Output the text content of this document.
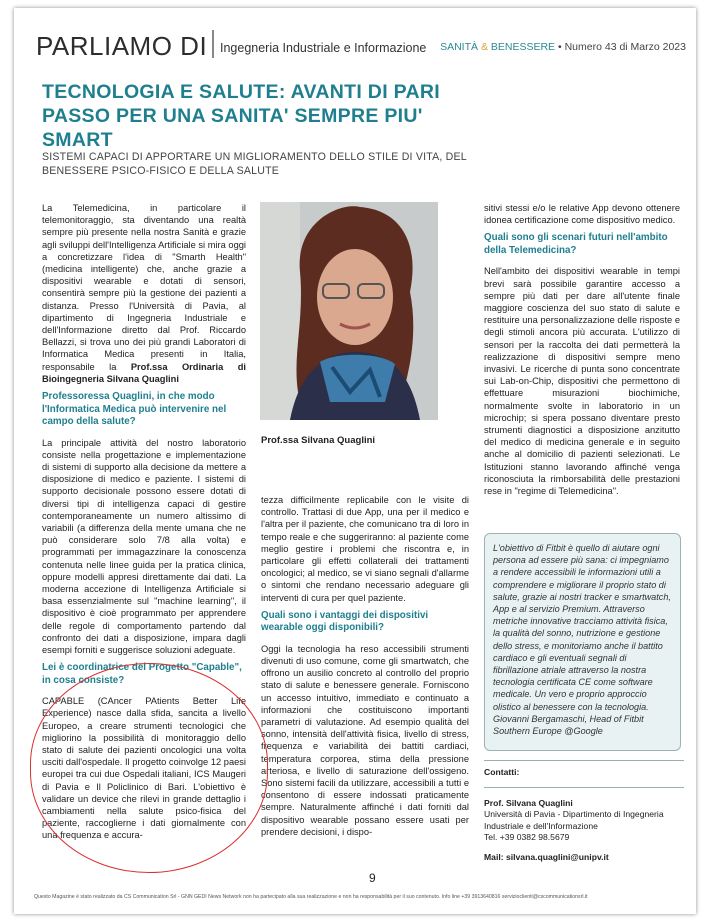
PARLIAMO DI Ingegneria Industriale e Informazione SANITÀ & BENESSERE • Numero 43 di Marzo 2023
TECNOLOGIA E SALUTE: AVANTI DI PARI PASSO PER UNA SANITA' SEMPRE PIU' SMART
SISTEMI CAPACI DI APPORTARE UN MIGLIORAMENTO DELLO STILE DI VITA, DEL BENESSERE PSICO-FISICO E DELLA SALUTE

La Telemedicina, in particolare il telemonitoraggio, sta diventando una realtà sempre più presente nella nostra Sanità e grazie agli sviluppi dell'Intelligenza Artificiale si mira oggi a concretizzare l'idea di "Smarth Health" (medicina intelligente) che, anche grazie a dispositivi wearable e dotati di sensori, consentirà sempre più la gestione dei pazienti a distanza. Presso l'Università di Pavia, al dipartimento di Ingegneria Industriale e dell'Informazione diretto dal Prof. Riccardo Bellazzi, si trova uno dei più grandi Laboratori di Informatica Medica presenti in Italia, responsabile la Prof.ssa Ordinaria di Bioingegneria Silvana Quaglini

Professoressa Quaglini, in che modo l'Informatica Medica può intervenire nel campo della salute?

La principale attività del nostro laboratorio consiste nella progettazione e implementazione di sistemi di supporto alla decisione da mettere a disposizione di medico e paziente. I sistemi di supporto decisionale possono essere dotati di diversi tipi di intelligenza capaci di gestire contemporaneamente un numero altissimo di variabili (a differenza della mente umana che ne può considerare solo 7/8 alla volta) e programmati per immagazzinare la conoscenza contenuta nelle linee guida per la pratica clinica, oppure modelli appresi direttamente dai dati. La moderna accezione di Intelligenza Artificiale si basa essenzialmente sul "machine learning", il dispositivo è cioè programmato per apprendere delle regole di comportamento partendo dal confronto dei dati a disposizione, impara dagli esempi forniti e suggerisce soluzioni adeguate.

Lei è coordinatrice del Progetto "Capable", in cosa consiste?

CAPABLE (CAncer PAtients Better Life Experience) nasce dalla sfida, sancita a livello Europeo, a creare strumenti tecnologici che migliorino la possibilità di monitoraggio dello stato di salute dei pazienti oncologici una volta usciti dall'ospedale. Il progetto coinvolge 12 paesi europei tra cui due Ospedali italiani, ICS Maugeri di Pavia e Il Policlinico di Bari. L'obiettivo è validare un device che rilevi in grande dettaglio i cambiamenti nella salute psico-fisica del paziente, raccoglierne i dati giornalmente con una frequenza e accura-

Prof.ssa Silvana Quaglini

tezza difficilmente replicabile con le visite di controllo. Trattasi di due App, una per il medico e l'altra per il paziente, che comunicano tra di loro in tempo reale e che suggeriranno: al paziente come meglio gestire i problemi che riscontra e, in particolare gli effetti collaterali dei trattamenti oncologici; al medico, se vi siano segnali d'allarme o sintomi che rendano necessario adeguare gli interventi di cura per quel paziente.

Quali sono i vantaggi dei dispositivi wearable oggi disponibili?

Oggi la tecnologia ha reso accessibili strumenti divenuti di uso comune, come gli smartwatch, che offrono un ausilio concreto al controllo del proprio stato di salute e benessere generale. Forniscono un accesso intuitivo, immediato e continuato a informazioni che costituiscono importanti parametri di valutazione. Ad esempio qualità del sonno, intensità dell'attività fisica, livello di stress, frequenza e variabilità dei battiti cardiaci, temperatura corporea, stima della pressione arteriosa, e livello di saturazione dell'ossigeno. Sono sistemi facili da utilizzare, accessibili a tutti e consentono di essere indossati praticamente sempre. Naturalmente affinché i dati forniti dal dispositivo wearable possano essere usati per prendere decisioni, i dispo-

sitivi stessi e/o le relative App devono ottenere idonea certificazione come dispositivo medico.

Quali sono gli scenari futuri nell'ambito della Telemedicina?

Nell'ambito dei dispositivi wearable in tempi brevi sarà possibile garantire accesso a sempre più dati per dare all'utente finale maggiore coscienza del suo stato di salute e restituire una personalizzazione delle risposte e degli stimoli ancora più accurata. L'utilizzo di sensori per la raccolta dei dati permetterà la realizzazione di dispositivi sempre meno invasivi. Le ricerche di punta sono concentrate sui Lab-on-Chip, dispositivi che permettono di effettuare misurazioni biochimiche, normalmente svolte in laboratorio in un microchip; si spera possano diventare presto strumenti diagnostici a disposizione anzitutto del medico di medicina generale e in seguito anche al domicilio di pazienti selezionati. Le Istituzioni stanno lavorando affinché venga riconosciuta la rimborsabilità delle prestazioni rese in "regime di Telemedicina".

L'obiettivo di Fitbit è quello di aiutare ogni persona ad essere più sana: ci impegniamo a rendere accessibili le informazioni utili a comprendere e migliorare il proprio stato di salute, grazie ai nostri tracker e smartwatch, App e al servizio Premium. Attraverso metriche innovative tracciamo attività fisica, la qualità del sonno, nutrizione e gestione dello stress, e monitoriamo anche il battito cardiaco e gli eventuali segnali di fibrillazione atriale attraverso la nostra tecnologia certificata CE come software medicale. Un vero e proprio approccio olistico al benessere con la tecnologia.
Giovanni Bergamaschi, Head of Fitbit Southern Europe @Google
Contatti:
Prof. Silvana Quaglini
Università di Pavia - Dipartimento di Ingegneria Industriale e dell'Informazione
Tel. +39 0382 98.5679
Mail: silvana.quaglini@unipv.it
9
Questo Magazine è stato realizzato da CS Communication Srl - GNN GEDI News Network non ha partecipato alla sua realizzazione e non ha responsabilità per il suo contenuto. Info line +39 3913640816 servizioclienti@cscommunicationsrl.it
